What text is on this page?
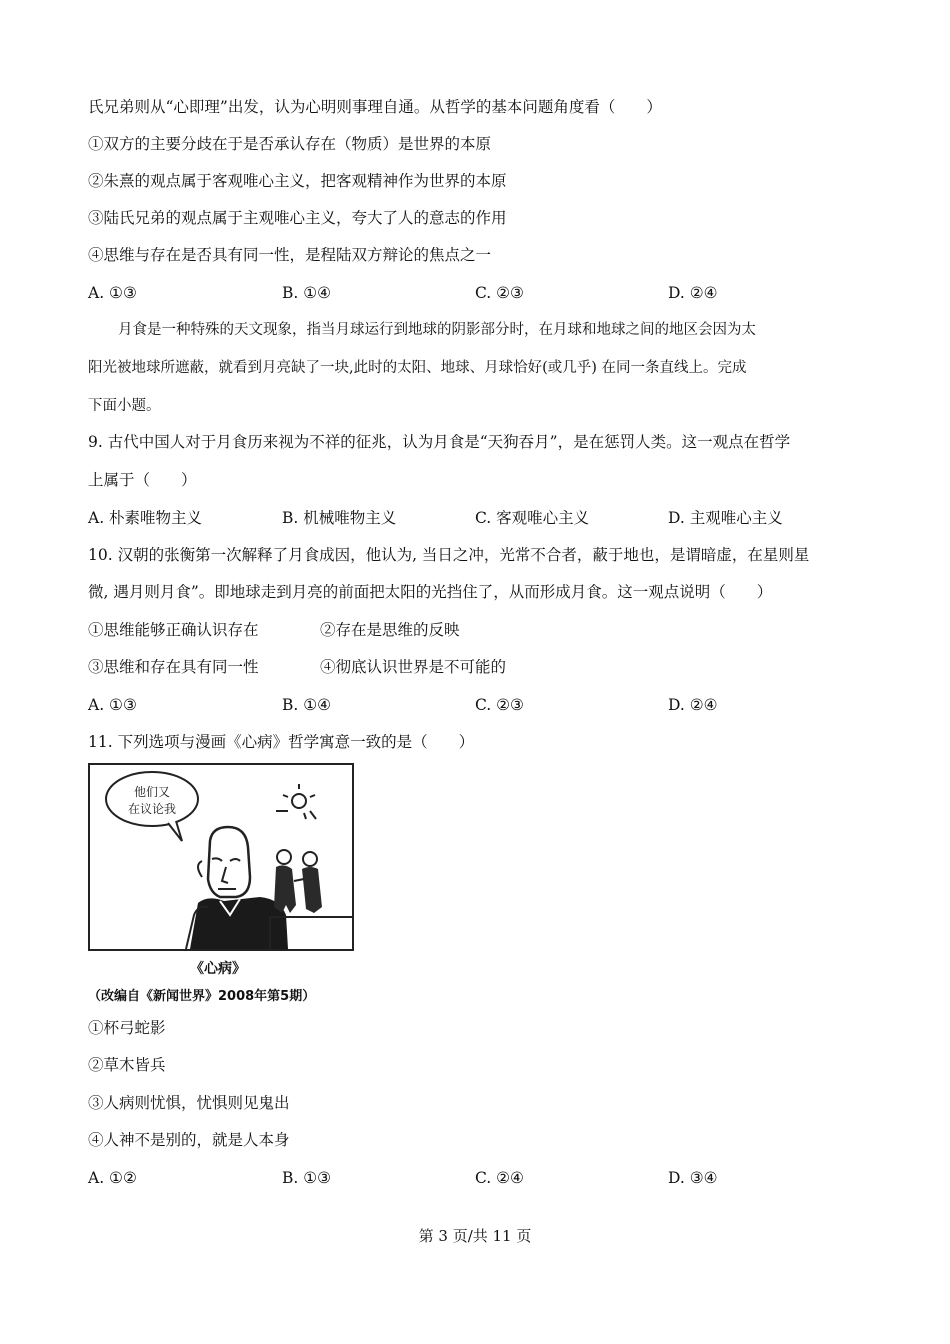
氏兄弟则从“心即理”出发，认为心明则事理自通。从哲学的基本问题角度看（　　）
①双方的主要分歧在于是否承认存在（物质）是世界的本原
②朱熹的观点属于客观唯心主义，把客观精神作为世界的本原
③陆氏兄弟的观点属于主观唯心主义，夸大了人的意志的作用
④思维与存在是否具有同一性，是程陆双方辩论的焦点之一
A. ①③	B. ①④	C. ②③	D. ②④
月食是一种特殊的天文现象，指当月球运行到地球的阴影部分时，在月球和地球之间的地区会因为太
阳光被地球所遮蔽，就看到月亮缺了一块,此时的太阳、地球、月球恰好(或几乎) 在同一条直线上。完成
下面小题。
9. 古代中国人对于月食历来视为不祥的征兆，认为月食是“天狗吞月”，是在惩罚人类。这一观点在哲学
上属于（　　）
A. 朴素唯物主义	B. 机械唯物主义	C. 客观唯心主义	D. 主观唯心主义
10. 汉朝的张衡第一次解释了月食成因，他认为, 当日之冲，光常不合者，蔽于地也，是谓暗虚，在星则星
微, 遇月则月食”。即地球走到月亮的前面把太阳的光挡住了，从而形成月食。这一观点说明（　　）
①思维能够正确认识存在	②存在是思维的反映
③思维和存在具有同一性	④彻底认识世界是不可能的
A. ①③	B. ①④	C. ②③	D. ②④
11. 下列选项与漫画《心病》哲学寓意一致的是（　　）
他们又
在议论我
《心病》
（改编自《新闻世界》2008年第5期）
①杯弓蛇影
②草木皆兵
③人病则忧惧，忧惧则见鬼出
④人神不是别的，就是人本身
A. ①②	B. ①③	C. ②④	D. ③④
第 3 页/共 11 页
